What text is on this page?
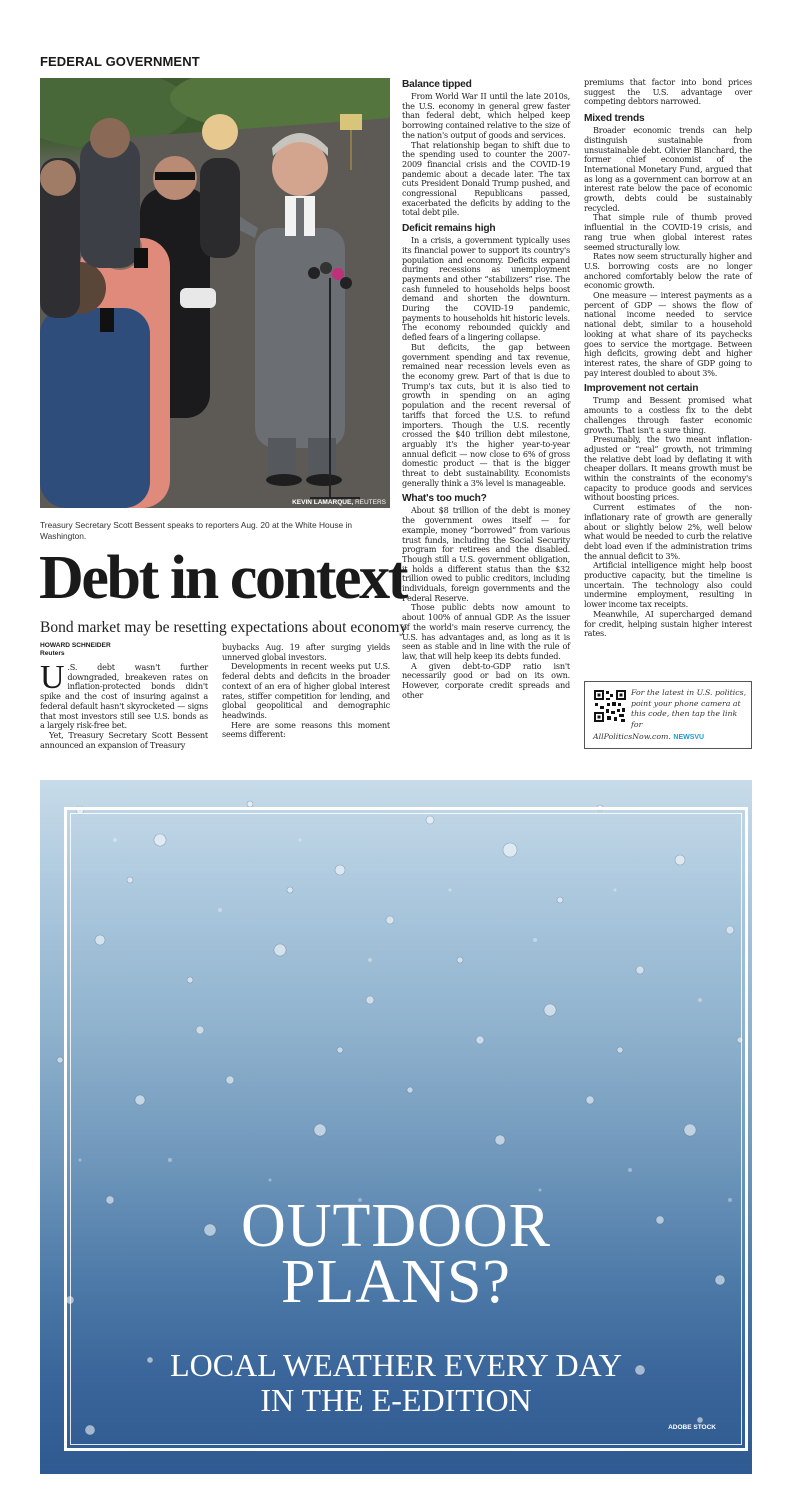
FEDERAL GOVERNMENT
KEVIN LAMARQUE, REUTERS
Treasury Secretary Scott Bessent speaks to reporters Aug. 20 at the White House in Washington.
Debt in context
Bond market may be resetting expectations about economy
HOWARD SCHNEIDER
Reuters

U .S. debt wasn't further downgraded, breakeven rates on inflation-protected bonds didn't spike and the cost of insuring against a federal default hasn't skyrocketed — signs that most investors still see U.S. bonds as a largely risk-free bet.

Yet, Treasury Secretary Scott Bessent announced an expansion of Treasury

buybacks Aug. 19 after surging yields unnerved global investors.

Developments in recent weeks put U.S. federal debts and deficits in the broader context of an era of higher global interest rates, stiffer competition for lending, and global geopolitical and demographic headwinds.

Here are some reasons this moment seems different:

Balance tipped

From World War II until the late 2010s, the U.S. economy in general grew faster than federal debt, which helped keep borrowing contained relative to the size of the nation's output of goods and services.

That relationship began to shift due to the spending used to counter the 2007-2009 financial crisis and the COVID-19 pandemic about a decade later. The tax cuts President Donald Trump pushed, and congressional Republicans passed, exacerbated the deficits by adding to the total debt pile.

Deficit remains high

In a crisis, a government typically uses its financial power to support its country's population and economy. Deficits expand during recessions as unemployment payments and other “stabilizers” rise. The cash funneled to households helps boost demand and shorten the downturn. During the COVID-19 pandemic, payments to households hit historic levels. The economy rebounded quickly and defied fears of a lingering collapse.

But deficits, the gap between government spending and tax revenue, remained near recession levels even as the economy grew. Part of that is due to Trump's tax cuts, but it is also tied to growth in spending on an aging population and the recent reversal of tariffs that forced the U.S. to refund importers. Though the U.S. recently crossed the $40 trillion debt milestone, arguably it's the higher year-to-year annual deficit — now close to 6% of gross domestic product — that is the bigger threat to debt sustainability. Economists generally think a 3% level is manageable.

What's too much?

About $8 trillion of the debt is money the government owes itself — for example, money “borrowed” from various trust funds, including the Social Security program for retirees and the disabled. Though still a U.S. government obligation, it holds a different status than the $32 trillion owed to public creditors, including individuals, foreign governments and the Federal Reserve.

Those public debts now amount to about 100% of annual GDP. As the issuer of the world's main reserve currency, the U.S. has advantages and, as long as it is seen as stable and in line with the rule of law, that will help keep its debts funded.

A given debt-to-GDP ratio isn't necessarily good or bad on its own. However, corporate credit spreads and other

premiums that factor into bond prices suggest the U.S. advantage over competing debtors narrowed.

Mixed trends

Broader economic trends can help distinguish sustainable from unsustainable debt. Olivier Blanchard, the former chief economist of the International Monetary Fund, argued that as long as a government can borrow at an interest rate below the pace of economic growth, debts could be sustainably recycled.

That simple rule of thumb proved influential in the COVID-19 crisis, and rang true when global interest rates seemed structurally low.

Rates now seem structurally higher and U.S. borrowing costs are no longer anchored comfortably below the rate of economic growth.

One measure — interest payments as a percent of GDP — shows the flow of national income needed to service national debt, similar to a household looking at what share of its paychecks goes to service the mortgage. Between high deficits, growing debt and higher interest rates, the share of GDP going to pay interest doubled to about 3%.

Improvement not certain

Trump and Bessent promised what amounts to a costless fix to the debt challenges through faster economic growth. That isn't a sure thing.

Presumably, the two meant inflation-adjusted or “real” growth, not trimming the relative debt load by deflating it with cheaper dollars. It means growth must be within the constraints of the economy's capacity to produce goods and services without boosting prices.

Current estimates of the non-inflationary rate of growth are generally about or slightly below 2%, well below what would be needed to curb the relative debt load even if the administration trims the annual deficit to 3%.

Artificial intelligence might help boost productive capacity, but the timeline is uncertain. The technology also could undermine employment, resulting in lower income tax receipts.

Meanwhile, AI supercharged demand for credit, helping sustain higher interest rates.

For the latest in U.S. politics, point your phone camera at this code, then tap the link for
AllPoliticsNow.com. NEWSVU
OUTDOOR
PLANS?
LOCAL WEATHER EVERY DAY
IN THE E-EDITION
ADOBE STOCK
